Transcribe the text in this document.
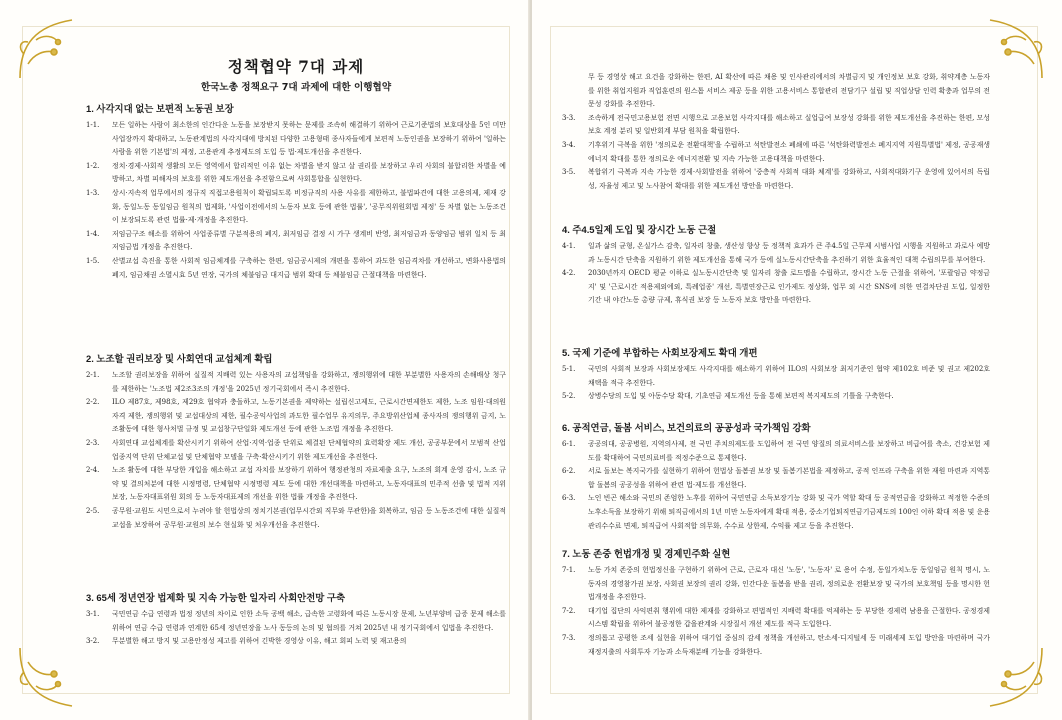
정책협약 7대 과제
한국노총 정책요구 7대 과제에 대한 이행협약
1. 사각지대 없는 보편적 노동권 보장
1-1.	모든 일하는 사람이 최소한의 인간다운 노동을 보장받지 못하는 문제를 조속히 해결하기 위하여 근로기준법의 보호대상을 5인 미만 사업장까지 확대하고, 노동관계법의 사각지대에 방치된 다양한 고용형태 종사자들에게 보편적 노동인권을 보장하기 위하여 '일하는 사람을 위한 기본법'의 제정, 고용관계 추정제도의 도입 등 법·제도개선을 추진한다.
1-2.	정치·경제·사회적 생활의 모든 영역에서 합리적인 이유 없는 차별을 받지 않고 살 권리를 보장하고 우리 사회의 불합리한 차별을 예방하고, 차별 피해자의 보호를 위한 제도개선을 추진함으로써 사회통합을 실현한다.
1-3.	상시·지속적 업무에서의 정규직 직접고용원칙이 확립되도록 비정규직의 사용 사유를 제한하고, 불법파견에 대한 고용의제, 제재 강화, 동일노동 동일임금 원칙의 법제화, '사업이전에서의 노동자 보호 등에 관한 법률', '공무직위원회법 제정' 등 차별 없는 노동조건이 보장되도록 관련 법률·제·개정을 추진한다.
1-4.	저임금구조 해소를 위하여 사업종류별 구분적용의 폐지, 최저임금 결정 시 가구 생계비 반영, 최저임금과 동양임금 범위 일치 등 최저임금법 개정을 추진한다.
1-5.	산별교섭 촉진을 통한 사회적 임금체계를 구축하는 한편, 임금공시제의 개편을 통하여 과도한 임금격차를 개선하고, 변화사용법의 폐지, 임금채권 소멸시효 5년 연장, 국가의 체불임금 대지급 범위 확대 등 체불임금 근절대책을 마련한다.
2. 노조할 권리보장 및 사회연대 교섭체계 확립
2-1.	노조할 권리보장을 위하여 실질적 지배력 있는 사용자의 교섭책임을 강화하고, 쟁의행위에 대한 부분별한 사용자의 손해배상 청구를 제한하는 '노조법 제2조3조의 개정'을 2025년 정기국회에서 즉시 추진한다.
2-2.	ILO 제87호, 제98호, 제29호 협약과 충돌하고, 노동기본권을 제약하는 설립신고제도, 근로시간면제한도 제한, 노조 임원·대의원 자격 제한, 쟁의행위 및 교섭대상의 제한, 필수공익사업의 과도한 필수업무 유지의무, 주요방위산업체 종사자의 쟁의행위 금지, 노조활동에 대한 형사처벌 규정 및 교섭창구단일화 제도개선 등에 관한 노조법 개정을 추진한다.
2-3.	사회연대 교섭체계를 확산시키기 위하여 산업·지역·업종 단위로 체결된 단체협약의 효력확장 제도 개선, 공공부문에서 모범적 산업업종지역 단위 단체교섭 및 단체협약 모델을 구축·확산시키기 위한 제도개선을 추진한다.
2-4.	노조 활동에 대한 부당한 개입을 해소하고 교섭 자치를 보장하기 위하여 행정관청의 자료제출 요구, 노조의 회계 운영 감시, 노조 규약 및 결의처분에 대한 시정명령, 단체협약 시정명령 제도 등에 대한 개선대책을 마련하고, 노동자대표의 민주적 선출 및 법적 지위 보장, 노동자대표위원 회의 등 노동자대표제의 개선을 위한 법률 개정을 추진한다.
2-5.	공무원·교원도 시민으로서 누려야 할 헌법상의 정치기본권(업무시간외 직무와 무관한)을 회복하고, 임금 등 노동조건에 대한 실질적 교섭을 보장하여 공무원·교원의 보수 현실화 및 처우개선을 추진한다.
3. 65세 정년연장 법제화 및 지속 가능한 일자리 사회안전망 구축
3-1.	국민연금 수급 연령과 법정 정년의 차이로 인한 소득 공백 해소, 급속한 고령화에 따른 노동시장 문제, 노년부양비 급증 문제 해소를 위하여 연금 수급 연령과 연계한 65세 정년연장을 노사 동등의 논의 및 협의를 거쳐 2025년 내 정기국회에서 입법을 추진한다.
3-2.	무분별한 해고 방지 및 고용안정성 제고를 위하여 긴박한 경영상 이유, 해고 회피 노력 및 재고용의
무 등 경영상 해고 요건을 강화하는 한편, AI 확산에 따른 채용 및 인사관리에서의 차별금지 및 개인정보 보호 강화, 취약계층 노동자를 위한 취업지원과 직업훈련의 원스톱 서비스 제공 등을 위한 고용서비스 통합관리 전담기구 설립 및 직업상담 인력 확충과 업무의 전문성 강화를 추진한다.
3-3.	조속하게 전국민고용보험 전면 시행으로 고용보험 사각지대를 해소하고 실업급여 보장성 강화를 위한 제도개선을 추진하는 한편, 모성보호 계정 분리 및 일반회계 부담 원칙을 확립한다.
3-4.	기후위기 극복을 위한 '정의로운 전환대책'을 수립하고 석탄발전소 폐쇄에 따른 '석탄화력발전소 폐지지역 지원특별법' 제정, 공공재생에너지 확대를 통한 정의로운 에너지전환 및 지속 가능한 고용대책을 마련한다.
3-5.	복합위기 극복과 지속 가능한 경제·사회발전을 위하여 '중층적 사회적 대화 체계'를 강화하고, 사회적대화기구 운영에 있어서의 독립성, 자율성 제고 및 노사참여 확대를 위한 제도개선 방안을 마련한다.
4. 주4.5일제 도입 및 장시간 노동 근절
4-1.	일과 삶의 균형, 온실가스 감축, 일자리 창출, 생산성 향상 등 정책적 효과가 큰 주4.5일 근무제 시범사업 시행을 지원하고 과로사 예방과 노동시간 단축을 지원하기 위한 제도개선을 통해 국가 등에 실노동시간단축을 추진하기 위한 효율적인 대책 수립의무를 부여한다.
4-2.	2030년까지 OECD 평균 이하로 실노동시간단축 및 일자리 창출 로드맵을 수립하고, 장시간 노동 근절을 위하여, '포괄임금 약정금지' 및 '근로시간 적용제외에외, 특례업종' 개선, 특별연장근로 인가제도 정상화, 업무 외 시간 SNS에 의한 연결차단권 도입, 일정한 기간 내 야간노동 총량 규제, 휴식권 보장 등 노동자 보호 방안을 마련한다.
5. 국제 기준에 부합하는 사회보장제도 확대 개편
5-1.	국민의 사회적 보장과 사회보장제도 사각지대를 해소하기 위하여 ILO의 사회보장 최저기준인 협약 제102호 비준 및 권고 제202호 채택을 적극 추진한다.
5-2.	상병수당의 도입 및 아동수당 확대, 기초연금 제도개선 등을 통해 보편적 복지제도의 기틀을 구축한다.
6. 공적연금, 돌봄 서비스, 보건의료의 공공성과 국가책임 강화
6-1.	공공의대, 공공병원, 지역의사제, 전 국민 주치의제도를 도입하여 전 국민 양질의 의료서비스를 보장하고 비급여를 축소, 건강보험 제도를 확대하여 국민의료비를 적정수준으로 통제한다.
6-2.	서로 돌보는 복지국가를 실현하기 위하여 헌법상 돌봄권 보장 및 돌봄기본법을 제정하고, 공적 인프라 구축을 위한 재원 마련과 지역통합 돌봄의 공공성을 위하여 관련 법·제도를 개선한다.
6-3.	노인 빈곤 해소와 국민의 존엄한 노후를 위하여 국민연금 소득보장기능 강화 및 국가 역할 확대 등 공적연금을 강화하고 적정한 수준의 노후소득을 보장하기 위해 퇴직금에서의 1년 미만 노동자에게 확대 적용, 중소기업퇴직연금기금제도의 100인 이하 확대 적용 및 운용관리수수료 면제, 퇴직급여 사회적합 의무화, 수수료 상한제, 수익률 제고 등을 추진한다.
7. 노동 존중 헌법개정 및 경제민주화 실현
7-1.	노동 가치 존중의 헌법정신을 구현하기 위하여 근로, 근로자 대신 '노동', '노동자' 로 용어 수정, 동일가치노동 동일임금 원칙 명시, 노동자의 경영참가권 보장, 사회권 보장의 권리 강화, 인간다운 돌봄을 받을 권리, 정의로운 전환보장 및 국가의 보호책임 등을 명시한 헌법개정을 추진한다.
7-2.	대기업 집단의 사익편취 행위에 대한 제재를 강화하고 편법적인 지배력 확대를 억제하는 등 부당한 경제력 남용을 근절한다. 공정경제 시스템 확립을 위하여 불공정한 갑을관계와 시장질서 개선 제도를 적극 도입한다.
7-3.	정의롭고 공평한 조세 실현을 위하여 대기업 중심의 감세 정책을 개선하고, 탄소세·디지털세 등 미래세제 도입 방안을 마련하며 국가 재정지출의 사회투자 기능과 소득재분배 기능을 강화한다.
